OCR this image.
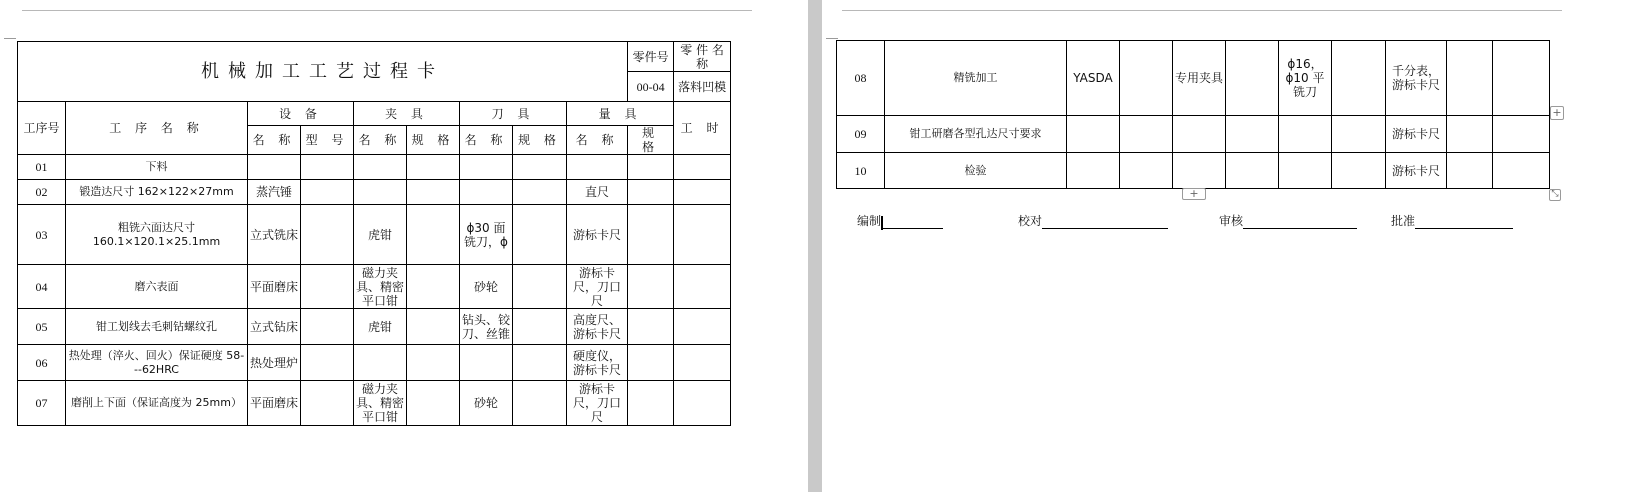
机械加工工艺过程卡									零件号	零 件 名 称
									00-04	落料凹模
工序号	工 序 名 称	设 备		夹 具		刀 具		量 具		工 时
		名 称	型 号	名 称	规 格	名 称	规 格	名 称	规 格	
01	下料									
02	锻造达尺寸 162×122×27mm	蒸汽锤						直尺		
03	粗铣六面达尺寸 160.1×120.1×25.1mm	立式铣床		虎钳		ϕ30 面铣刀，ϕ		游标卡尺		
04	磨六表面	平面磨床		磁力夹具、精密平口钳		砂轮		游标卡尺，刀口尺		
05	钳工划线去毛刺钻螺纹孔	立式钻床		虎钳		钻头、铰刀、丝锥		高度尺、游标卡尺		
06	热处理（淬火、回火）保证硬度 58---62HRC	热处理炉						硬度仪，游标卡尺		
07	磨削上下面（保证高度为 25mm）	平面磨床		磁力夹具、精密平口钳		砂轮		游标卡尺，刀口尺		
08	精铣加工	YASDA		专用夹具		ϕ16，ϕ10 平铣刀		千分表，游标卡尺		
09	钳工研磨各型孔达尺寸要求							游标卡尺		
10	检验							游标卡尺		
+
+	⤡
编制	校对	审核	批准
